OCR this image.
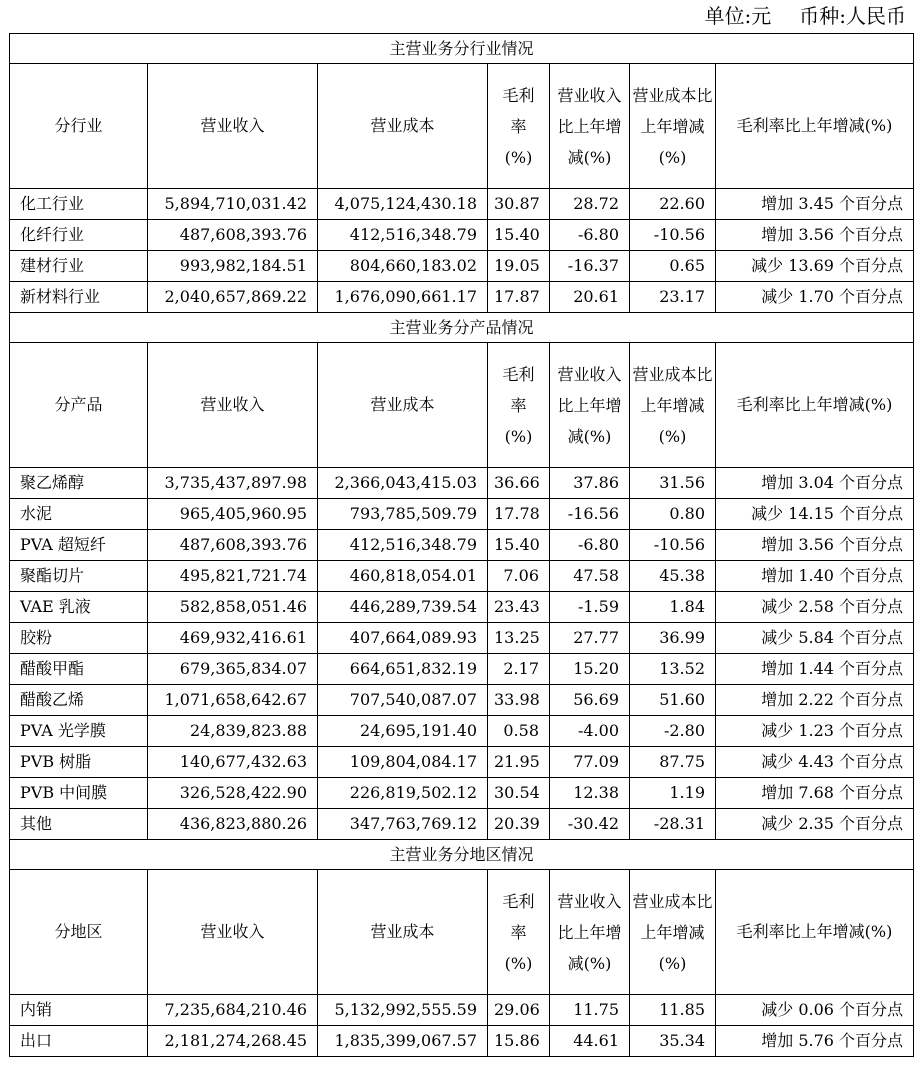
单位:元 币种:人民币
主营业务分行业情况						
分行业	营业收入	营业成本	毛利率(%)	营业收入比上年增减(%)	营业成本比上年增减(%)	毛利率比上年增减(%)
化工行业	5,894,710,031.42	4,075,124,430.18	30.87	28.72	22.60	增加 3.45 个百分点
化纤行业	487,608,393.76	412,516,348.79	15.40	-6.80	-10.56	增加 3.56 个百分点
建材行业	993,982,184.51	804,660,183.02	19.05	-16.37	0.65	减少 13.69 个百分点
新材料行业	2,040,657,869.22	1,676,090,661.17	17.87	20.61	23.17	减少 1.70 个百分点
主营业务分产品情况						
分产品	营业收入	营业成本	毛利率(%)	营业收入比上年增减(%)	营业成本比上年增减(%)	毛利率比上年增减(%)
聚乙烯醇	3,735,437,897.98	2,366,043,415.03	36.66	37.86	31.56	增加 3.04 个百分点
水泥	965,405,960.95	793,785,509.79	17.78	-16.56	0.80	减少 14.15 个百分点
PVA 超短纤	487,608,393.76	412,516,348.79	15.40	-6.80	-10.56	增加 3.56 个百分点
聚酯切片	495,821,721.74	460,818,054.01	7.06	47.58	45.38	增加 1.40 个百分点
VAE 乳液	582,858,051.46	446,289,739.54	23.43	-1.59	1.84	减少 2.58 个百分点
胶粉	469,932,416.61	407,664,089.93	13.25	27.77	36.99	减少 5.84 个百分点
醋酸甲酯	679,365,834.07	664,651,832.19	2.17	15.20	13.52	增加 1.44 个百分点
醋酸乙烯	1,071,658,642.67	707,540,087.07	33.98	56.69	51.60	增加 2.22 个百分点
PVA 光学膜	24,839,823.88	24,695,191.40	0.58	-4.00	-2.80	减少 1.23 个百分点
PVB 树脂	140,677,432.63	109,804,084.17	21.95	77.09	87.75	减少 4.43 个百分点
PVB 中间膜	326,528,422.90	226,819,502.12	30.54	12.38	1.19	增加 7.68 个百分点
其他	436,823,880.26	347,763,769.12	20.39	-30.42	-28.31	减少 2.35 个百分点
主营业务分地区情况						
分地区	营业收入	营业成本	毛利率(%)	营业收入比上年增减(%)	营业成本比上年增减(%)	毛利率比上年增减(%)
内销	7,235,684,210.46	5,132,992,555.59	29.06	11.75	11.85	减少 0.06 个百分点
出口	2,181,274,268.45	1,835,399,067.57	15.86	44.61	35.34	增加 5.76 个百分点
